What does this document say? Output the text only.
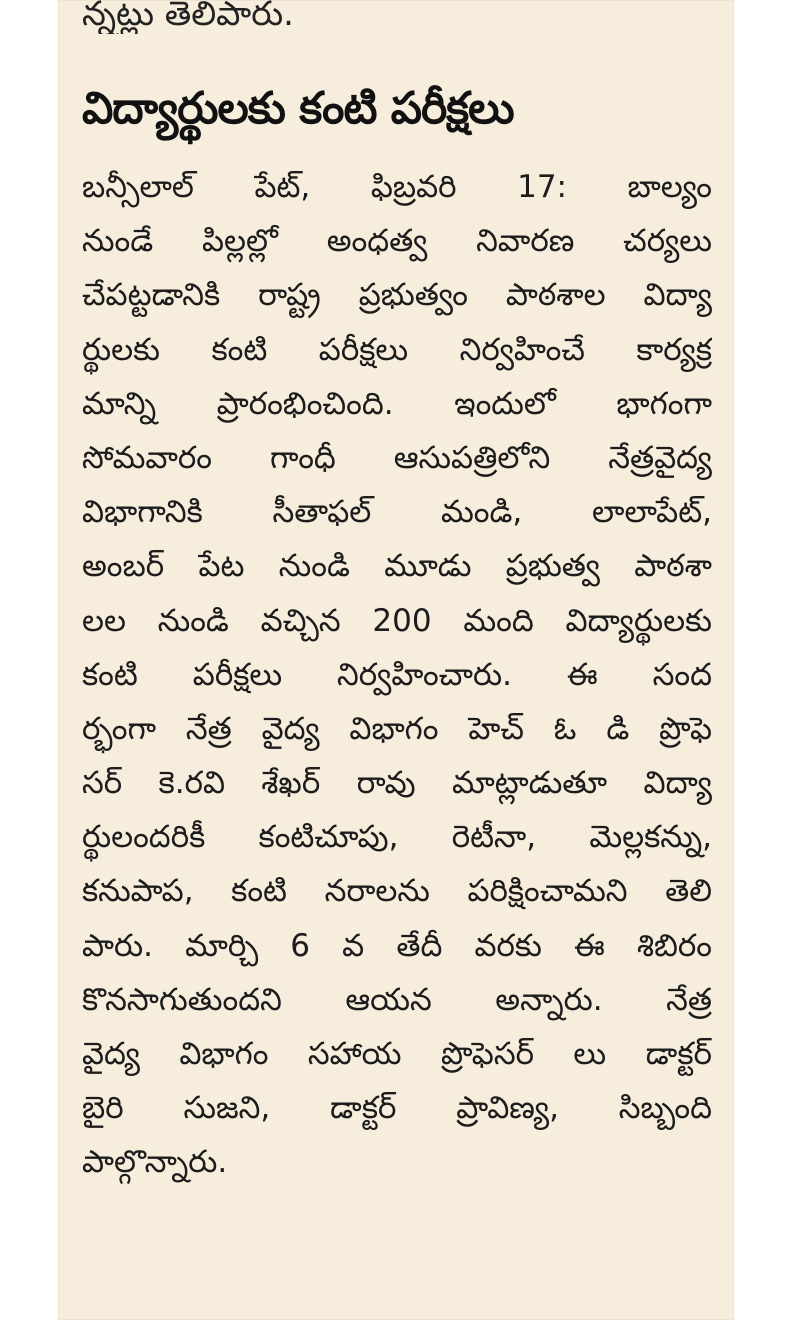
న్నట్లు తెలిపారు.
విద్యార్థులకు కంటి పరీక్షలు
బన్సీలాల్ పేట్, ఫిబ్రవరి 17: బాల్యం
నుండే పిల్లల్లో అంధత్వ నివారణ చర్యలు
చేపట్టడానికి రాష్ట్ర ప్రభుత్వం పాఠశాల విద్యా
ర్థులకు కంటి పరీక్షలు నిర్వహించే కార్యక్ర
మాన్ని ప్రారంభించింది. ఇందులో భాగంగా
సోమవారం గాంధీ ఆసుపత్రిలోని నేత్రవైద్య
విభాగానికి సీతాఫల్ మండి, లాలాపేట్,
అంబర్ పేట నుండి మూడు ప్రభుత్వ పాఠశా
లల నుండి వచ్చిన 200 మంది విద్యార్థులకు
కంటి పరీక్షలు నిర్వహించారు. ఈ సంద
ర్భంగా నేత్ర వైద్య విభాగం హెచ్ ఓ డి ప్రొఫె
సర్ కె.రవి శేఖర్ రావు మాట్లాడుతూ విద్యా
ర్థులందరికీ కంటిచూపు, రెటీనా, మెల్లకన్ను,
కనుపాప, కంటి నరాలను పరిక్షించామని తెలి
పారు. మార్చి 6 వ తేదీ వరకు ఈ శిబిరం
కొనసాగుతుందని ఆయన అన్నారు. నేత్ర
వైద్య విభాగం సహాయ ప్రొఫెసర్ లు డాక్టర్
బైరి సుజని, డాక్టర్ ప్రావిణ్య, సిబ్బంది
పాల్గొన్నారు.
